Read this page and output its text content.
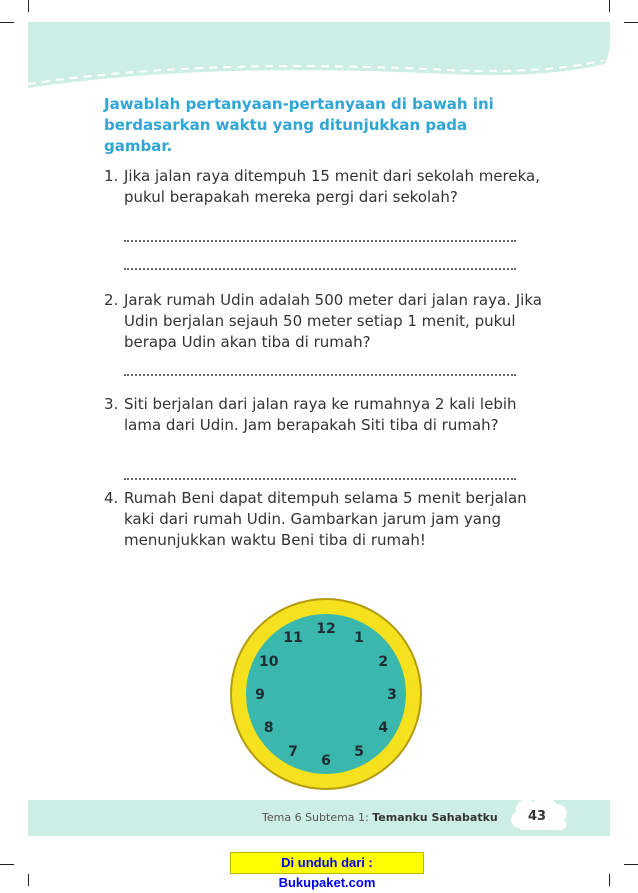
Jawablah pertanyaan-pertanyaan di bawah ini berdasarkan waktu yang ditunjukkan pada gambar.
1. Jika jalan raya ditempuh 15 menit dari sekolah mereka, pukul berapakah mereka pergi dari sekolah?
2. Jarak rumah Udin adalah 500 meter dari jalan raya. Jika Udin berjalan sejauh 50 meter setiap 1 menit, pukul berapa Udin akan tiba di rumah?
3. Siti berjalan dari jalan raya ke rumahnya 2 kali lebih lama dari Udin. Jam berapakah Siti tiba di rumah?
4. Rumah Beni dapat ditempuh selama 5 menit berjalan kaki dari rumah Udin. Gambarkan jarum jam yang menunjukkan waktu Beni tiba di rumah!
12
1
2
3
4
5
6
7
8
9
10
11
Tema 6 Subtema 1: Temanku Sahabatku 43
Di unduh dari : Bukupaket.com
